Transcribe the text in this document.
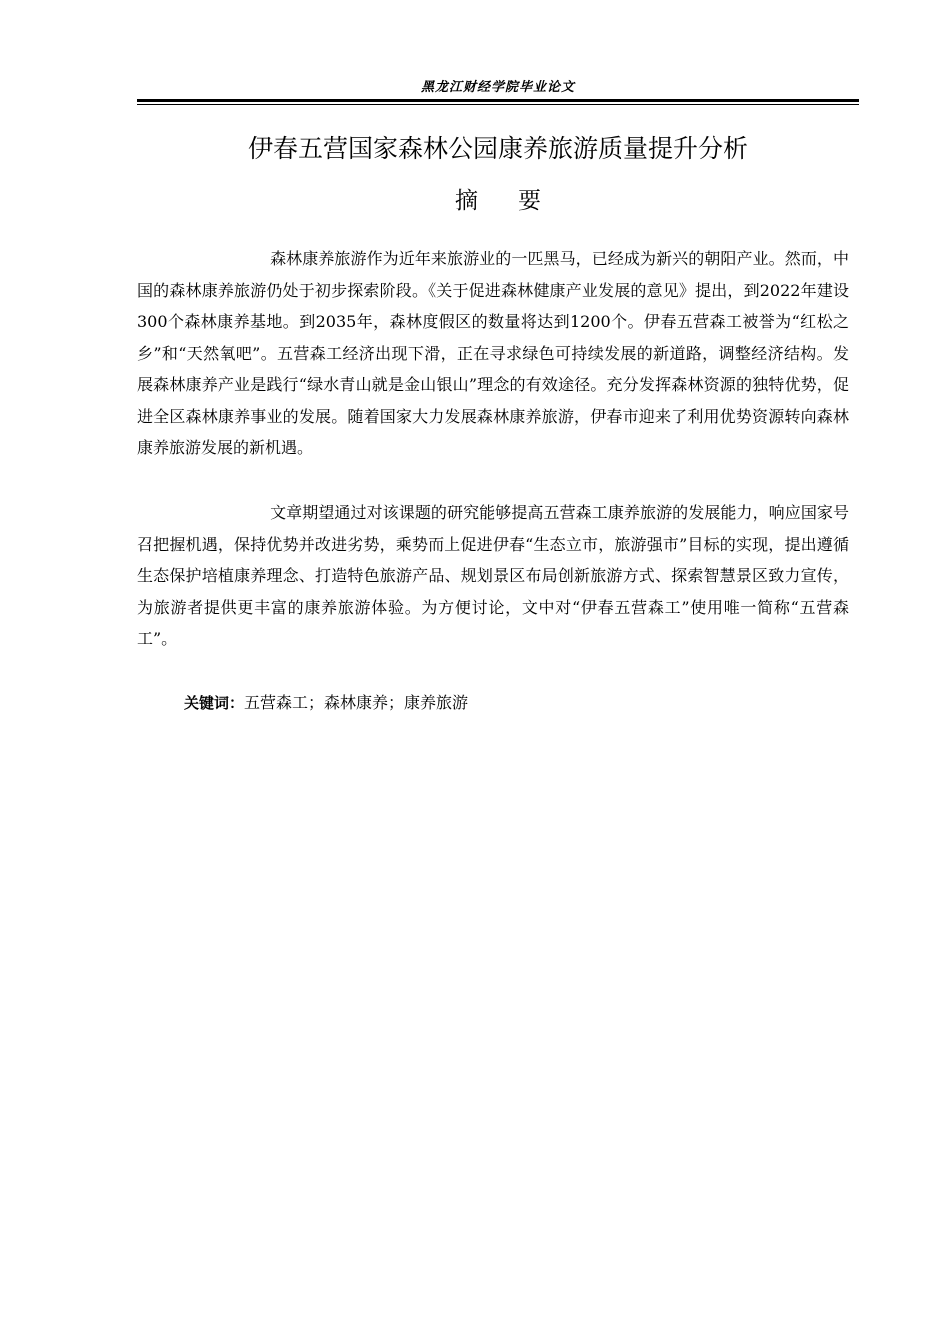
黑龙江财经学院毕业论文
伊春五营国家森林公园康养旅游质量提升分析
摘要

森林康养旅游作为近年来旅游业的一匹黑马，已经成为新兴的朝阳产业。然而，中国的森林康养旅游仍处于初步探索阶段。《关于促进森林健康产业发展的意见》提出，到2022年建设300个森林康养基地。到2035年，森林度假区的数量将达到1200个。伊春五营森工被誉为“红松之乡”和“天然氧吧”。五营森工经济出现下滑，正在寻求绿色可持续发展的新道路，调整经济结构。发展森林康养产业是践行“绿水青山就是金山银山”理念的有效途径。充分发挥森林资源的独特优势，促进全区森林康养事业的发展。随着国家大力发展森林康养旅游，伊春市迎来了利用优势资源转向森林康养旅游发展的新机遇。

文章期望通过对该课题的研究能够提高五营森工康养旅游的发展能力，响应国家号召把握机遇，保持优势并改进劣势，乘势而上促进伊春“生态立市，旅游强市”目标的实现，提出遵循生态保护培植康养理念、打造特色旅游产品、规划景区布局创新旅游方式、探索智慧景区致力宣传，为旅游者提供更丰富的康养旅游体验。为方便讨论，文中对“伊春五营森工”使用唯一简称“五营森工”。

关键词：五营森工；森林康养；康养旅游
